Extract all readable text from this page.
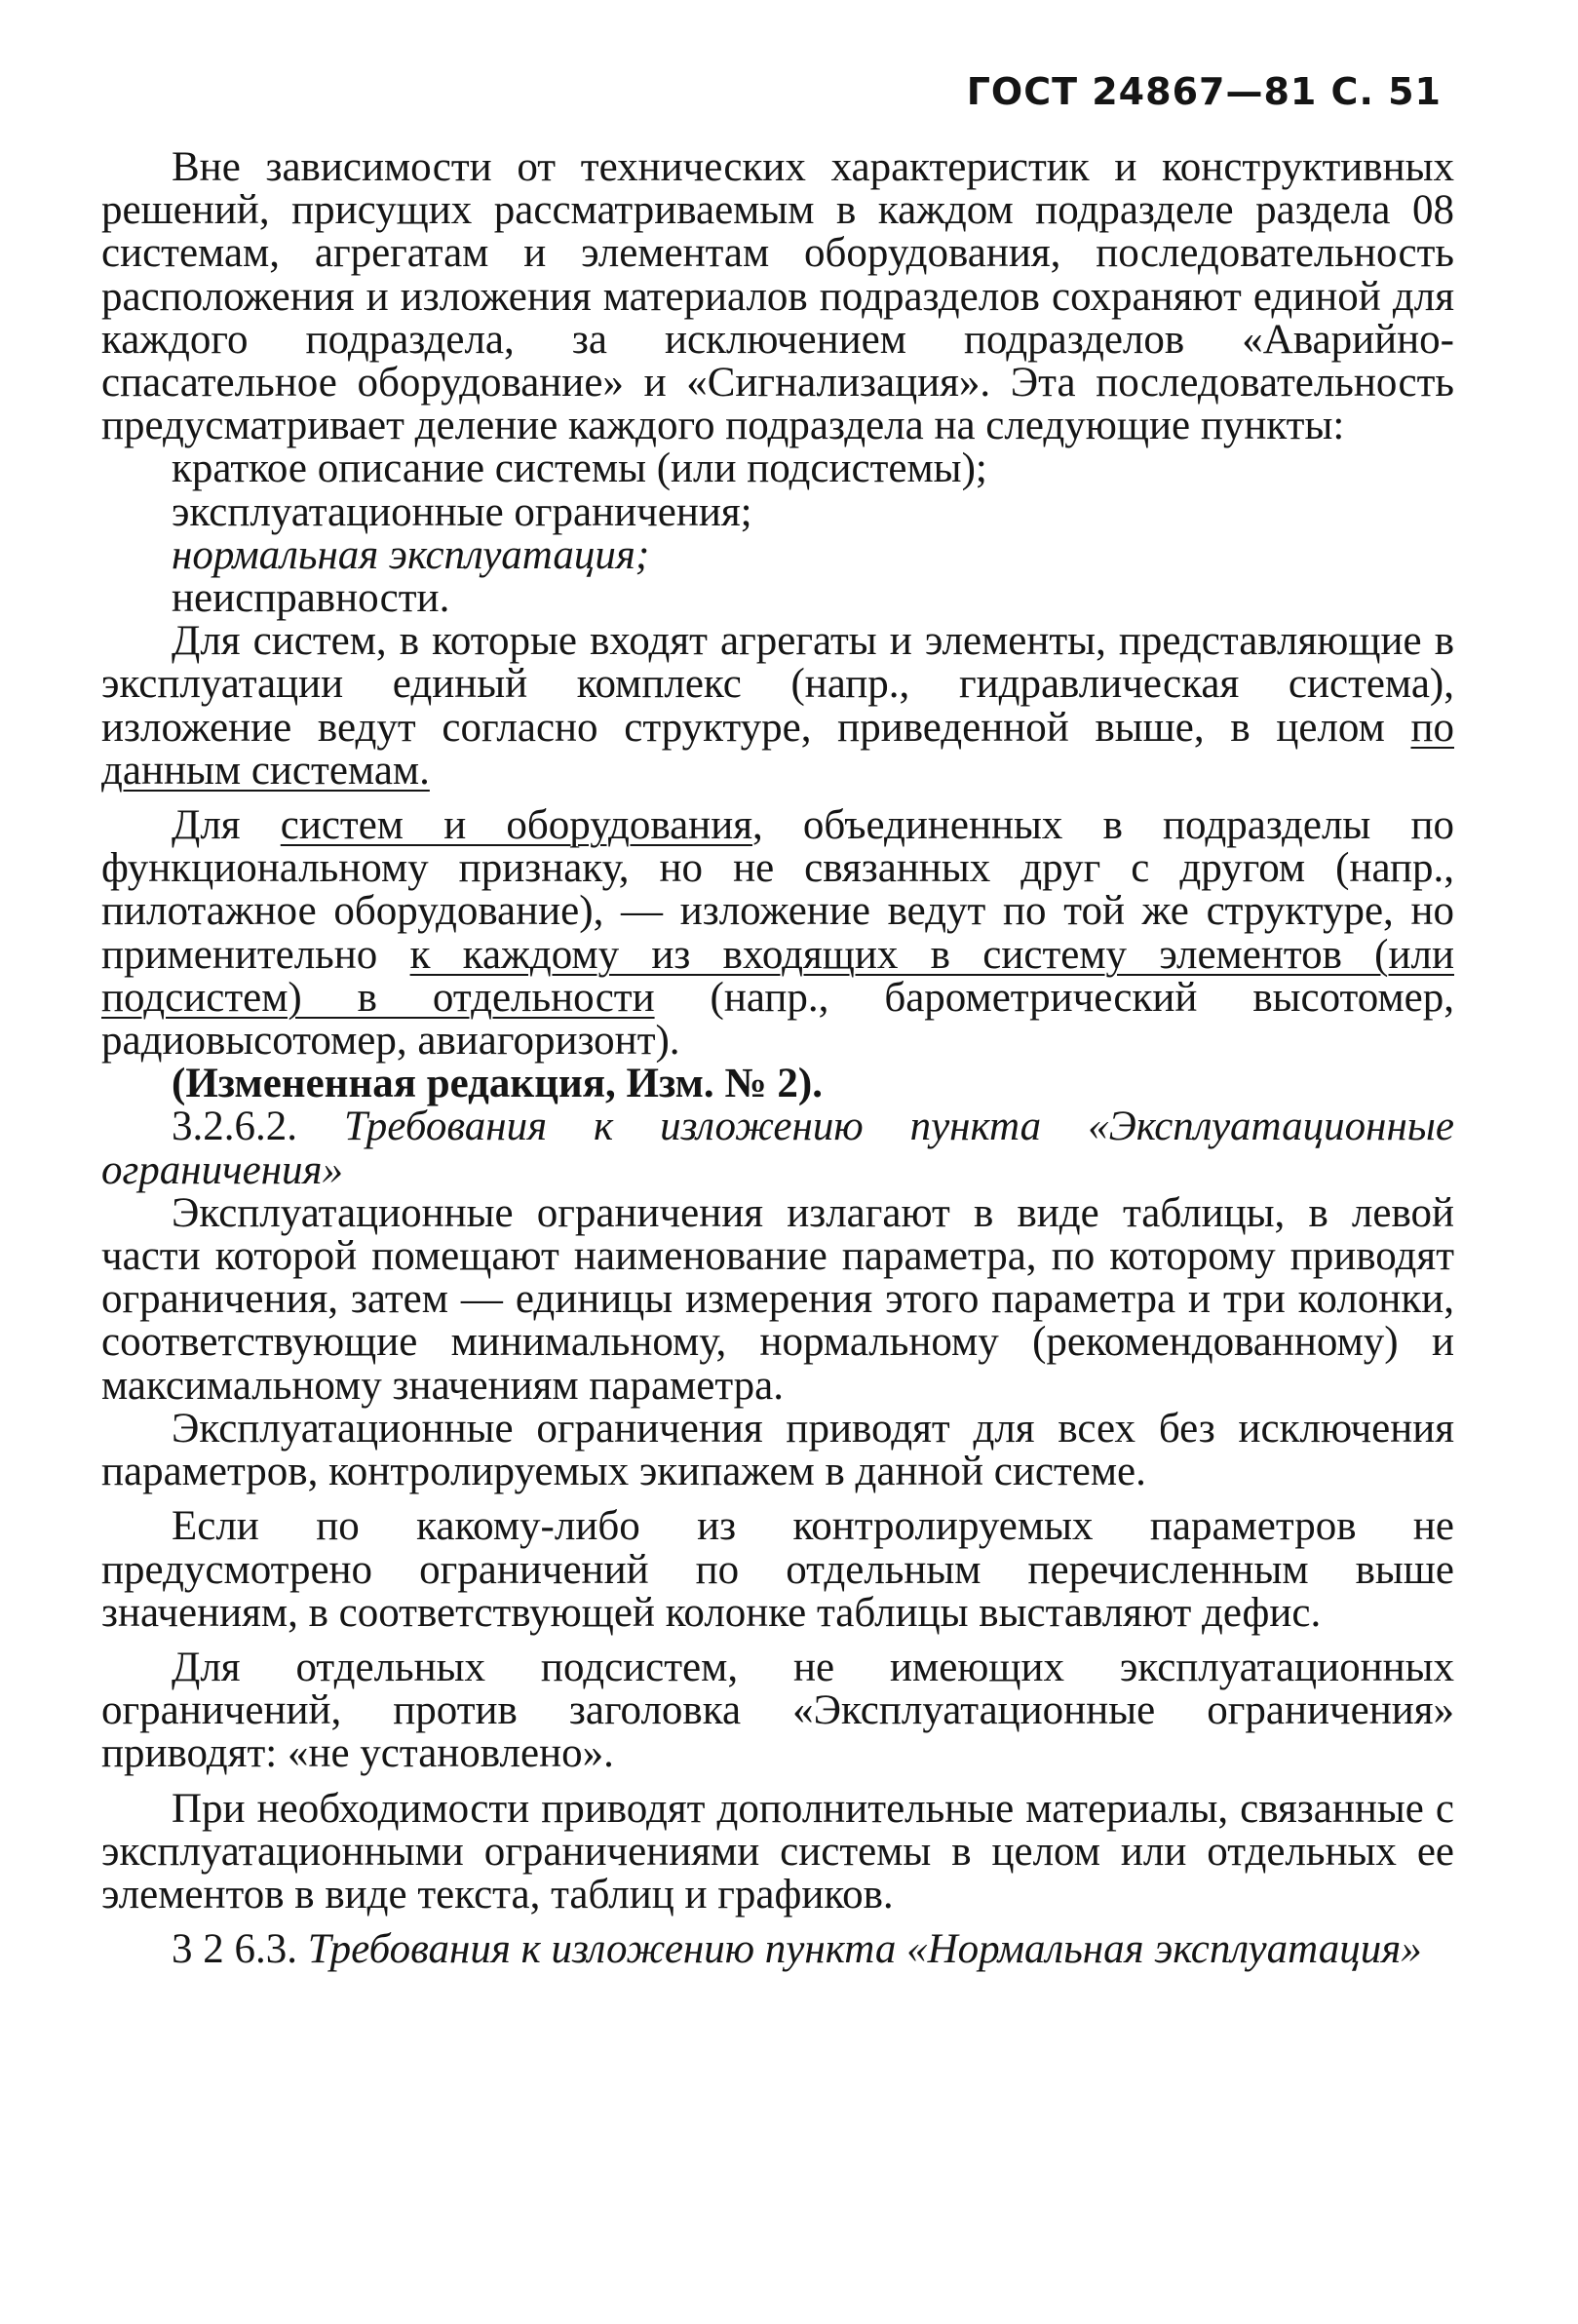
ГОСТ 24867—81 С. 51

Вне зависимости от технических характеристик и конструктивных решений, присущих рассматриваемым в каждом подразделе раздела 08 системам, агрегатам и элементам оборудования, последовательность расположения и изложения материалов подразделов сохраняют единой для каждого подраздела, за исключением подразделов «Аварийно-спасательное оборудование» и «Сигнализация». Эта последовательность предусматривает деление каждого подраздела на следующие пункты:

краткое описание системы (или подсистемы);

эксплуатационные ограничения;

нормальная эксплуатация;

неисправности.

Для систем, в которые входят агрегаты и элементы, представляющие в эксплуатации единый комплекс (напр., гидравлическая система), изложение ведут согласно структуре, приведенной выше, в целом по данным системам.

Для систем и оборудования, объединенных в подразделы по функциональному признаку, но не связанных друг с другом (напр., пилотажное оборудование), — изложение ведут по той же структуре, но применительно к каждому из входящих в систему элементов (или подсистем) в отдельности (напр., барометрический высотомер, радиовысотомер, авиагоризонт).

(Измененная редакция, Изм. № 2).

3.2.6.2. Требования к изложению пункта «Эксплуатационные ограничения»

Эксплуатационные ограничения излагают в виде таблицы, в левой части которой помещают наименование параметра, по которому приводят ограничения, затем — единицы измерения этого параметра и три колонки, соответствующие минимальному, нормальному (рекомендованному) и максимальному значениям параметра.

Эксплуатационные ограничения приводят для всех без исключения параметров, контролируемых экипажем в данной системе.

Если по какому-либо из контролируемых параметров не предусмотрено ограничений по отдельным перечисленным выше значениям, в соответствующей колонке таблицы выставляют дефис.

Для отдельных подсистем, не имеющих эксплуатационных ограничений, против заголовка «Эксплуатационные ограничения» приводят: «не установлено».

При необходимости приводят дополнительные материалы, связанные с эксплуатационными ограничениями системы в целом или отдельных ее элементов в виде текста, таблиц и графиков.

3 2 6.3. Требования к изложению пункта «Нормальная эксплуатация»
